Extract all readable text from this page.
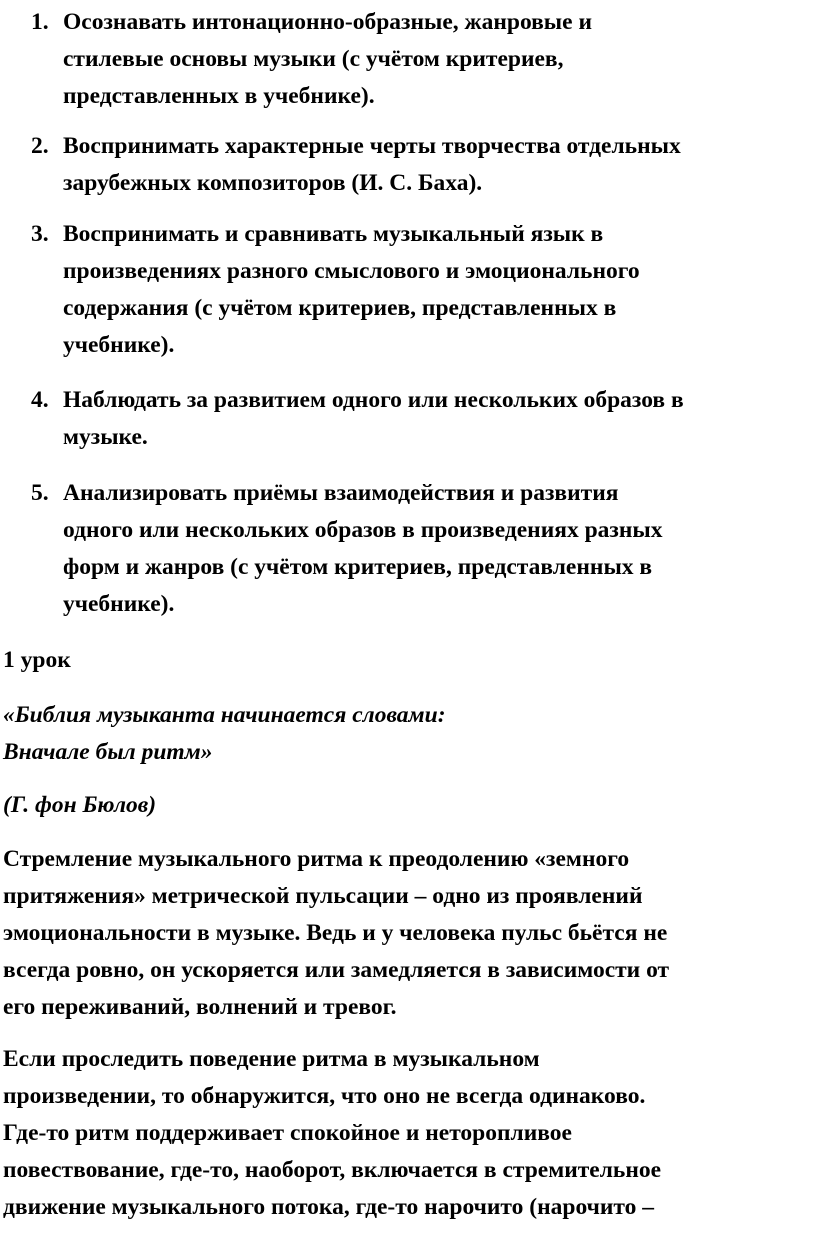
1. Осознавать интонационно-образные, жанровые и
стилевые основы музыки (с учётом критериев,
представленных в учебнике).
2. Воспринимать характерные черты творчества отдельных
зарубежных композиторов (И. С. Баха).
3. Воспринимать и сравнивать музыкальный язык в
произведениях разного смыслового и эмоционального
содержания (с учётом критериев, представленных в
учебнике).
4. Наблюдать за развитием одного или нескольких образов в
музыке.
5. Анализировать приёмы взаимодействия и развития
одного или нескольких образов в произведениях разных
форм и жанров (с учётом критериев, представленных в
учебнике).
1 урок
«Библия музыканта начинается словами:
Вначале был ритм»
(Г. фон Бюлов)
Стремление музыкального ритма к преодолению «земного
притяжения» метрической пульсации – одно из проявлений
эмоциональности в музыке. Ведь и у человека пульс бьётся не
всегда ровно, он ускоряется или замедляется в зависимости от
его переживаний, волнений и тревог.
Если проследить поведение ритма в музыкальном
произведении, то обнаружится, что оно не всегда одинаково.
Где-то ритм поддерживает спокойное и неторопливое
повествование, где-то, наоборот, включается в стремительное
движение музыкального потока, где-то нарочито (нарочито –
